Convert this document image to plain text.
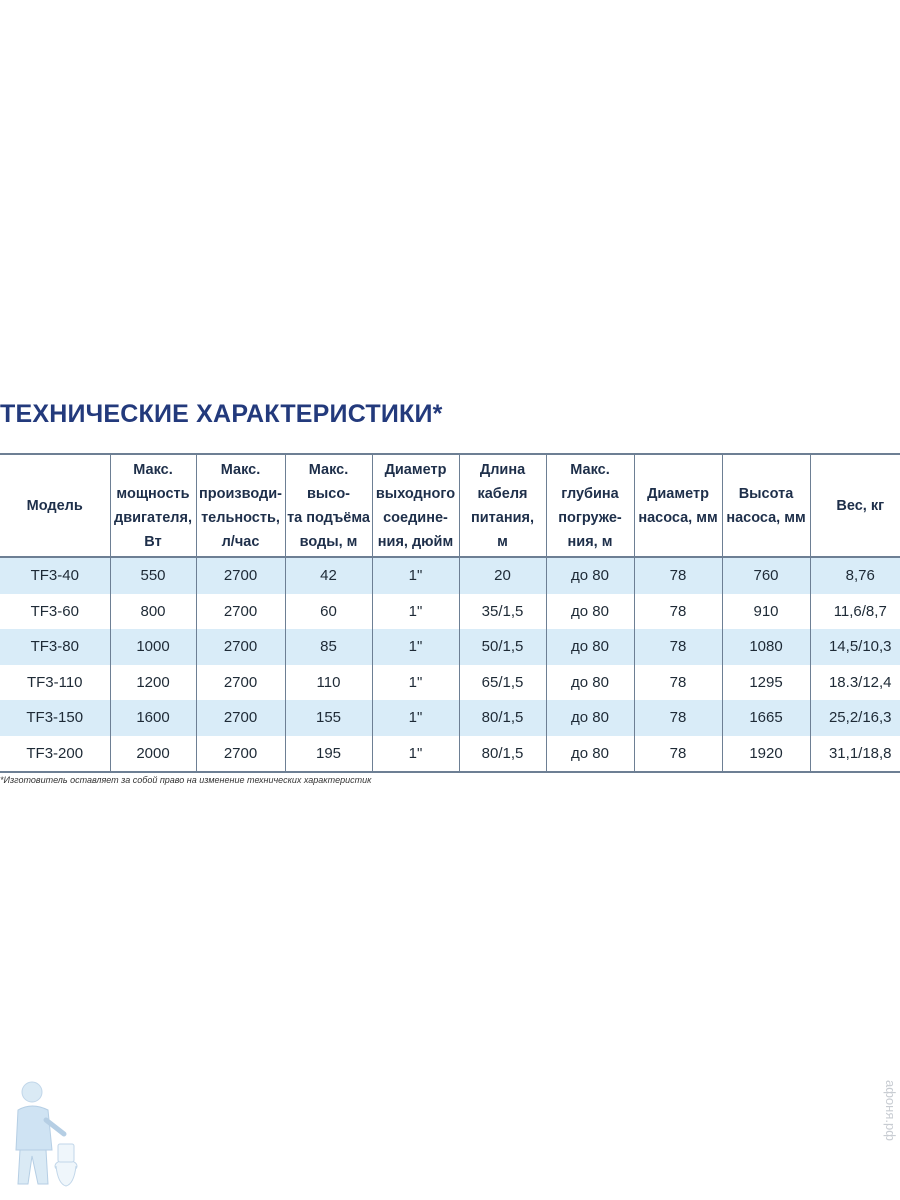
ТЕХНИЧЕСКИЕ ХАРАКТЕРИСТИКИ*
Модель	Макс.
мощность
двигателя,
Вт	Макс.
производи-
тельность,
л/час	Макс. высо-
та подъёма
воды, м	Диаметр
выходного
соедине-
ния, дюйм	Длина
кабеля
питания,
м	Макс.
глубина
погруже-
ния, м	Диаметр
насоса, мм	Высота
насоса, мм	Вес, кг
TF3-40	550	2700	42	1"	20	до 80	78	760	8,76
TF3-60	800	2700	60	1"	35/1,5	до 80	78	910	11,6/8,7
TF3-80	1000	2700	85	1"	50/1,5	до 80	78	1080	14,5/10,3
TF3-110	1200	2700	110	1"	65/1,5	до 80	78	1295	18.3/12,4
TF3-150	1600	2700	155	1"	80/1,5	до 80	78	1665	25,2/16,3
TF3-200	2000	2700	195	1"	80/1,5	до 80	78	1920	31,1/18,8
*Изготовитель оставляет за собой право на изменение технических характеристик
афоня.рф
